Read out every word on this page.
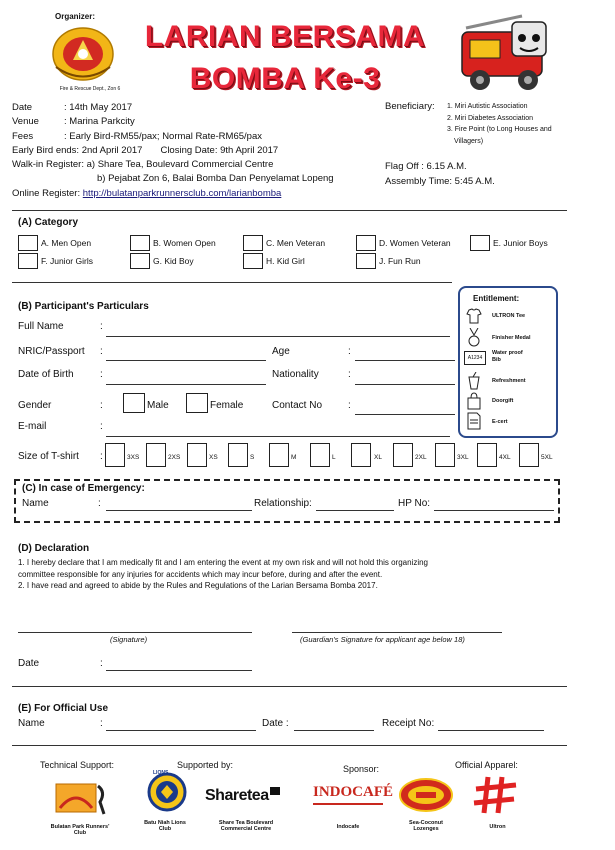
Organizer:
Fire & Rescue Dept., Zon 6
LARIAN BERSAMA
BOMBA Ke-3
Date	: 14th May 2017
Venue	: Marina Parkcity
Fees	: Early Bird-RM55/pax; Normal Rate-RM65/pax
Early Bird ends: 2nd April 2017 Closing Date: 9th April 2017
Walk-in Register: a) Share Tea, Boulevard Commercial Centre
b) Pejabat Zon 6, Balai Bomba Dan Penyelamat Lopeng
Online Register: http://bulatanparkrunnersclub.com/larianbomba
Beneficiary: 1. Miri Autistic Association
2. Miri Diabetes Association
3. Fire Point (to Long Houses and
Villagers)
Flag Off : 6.15 A.M.
Assembly Time: 5:45 A.M.
(A) Category
A. Men Open	B. Women Open	C. Men Veteran	D. Women Veteran	E. Junior Boys
F. Junior Girls	G. Kid Boy	H. Kid Girl	J. Fun Run
(B) Participant's Particulars
Full Name	:
NRIC/Passport :	Age	:
Date of Birth	:	Nationality	:
Gender	:	Male	Female	Contact No	:
E-mail	:
Size of T-shirt :	3XS	2XS	XS	S	M	L	XL	2XL	3XL	4XL	5XL
Entitlement:
ULTRON Tee
Finisher Medal
A1234
Water proof Bib
Refreshment
Doorgift
E-cert
(C) In case of Emergency:
Name	:	Relationship:	HP No:
(D) Declaration
1. I hereby declare that I am medically fit and I am entering the event at my own risk and will not hold this organizing
committee responsible for any injuries for accidents which may incur before, during and after the event.
2. I have read and agreed to abide by the Rules and Regulations of the Larian Bersama Bomba 2017.
(Signature)	(Guardian's Signature for applicant age below 18)
Date	:
(E) For Official Use
Name	:	Date :	Receipt No:
Technical Support:	Supported by:	Sponsor:	Official Apparel:
Bulatan Park Runners' Club
LIONS
Batu Niah Lions Club
Sharetea
Share Tea Boulevard Commercial Centre
INDOCAFÉ
Indocafe
Sea-Coconut Lozenges	Ultron
